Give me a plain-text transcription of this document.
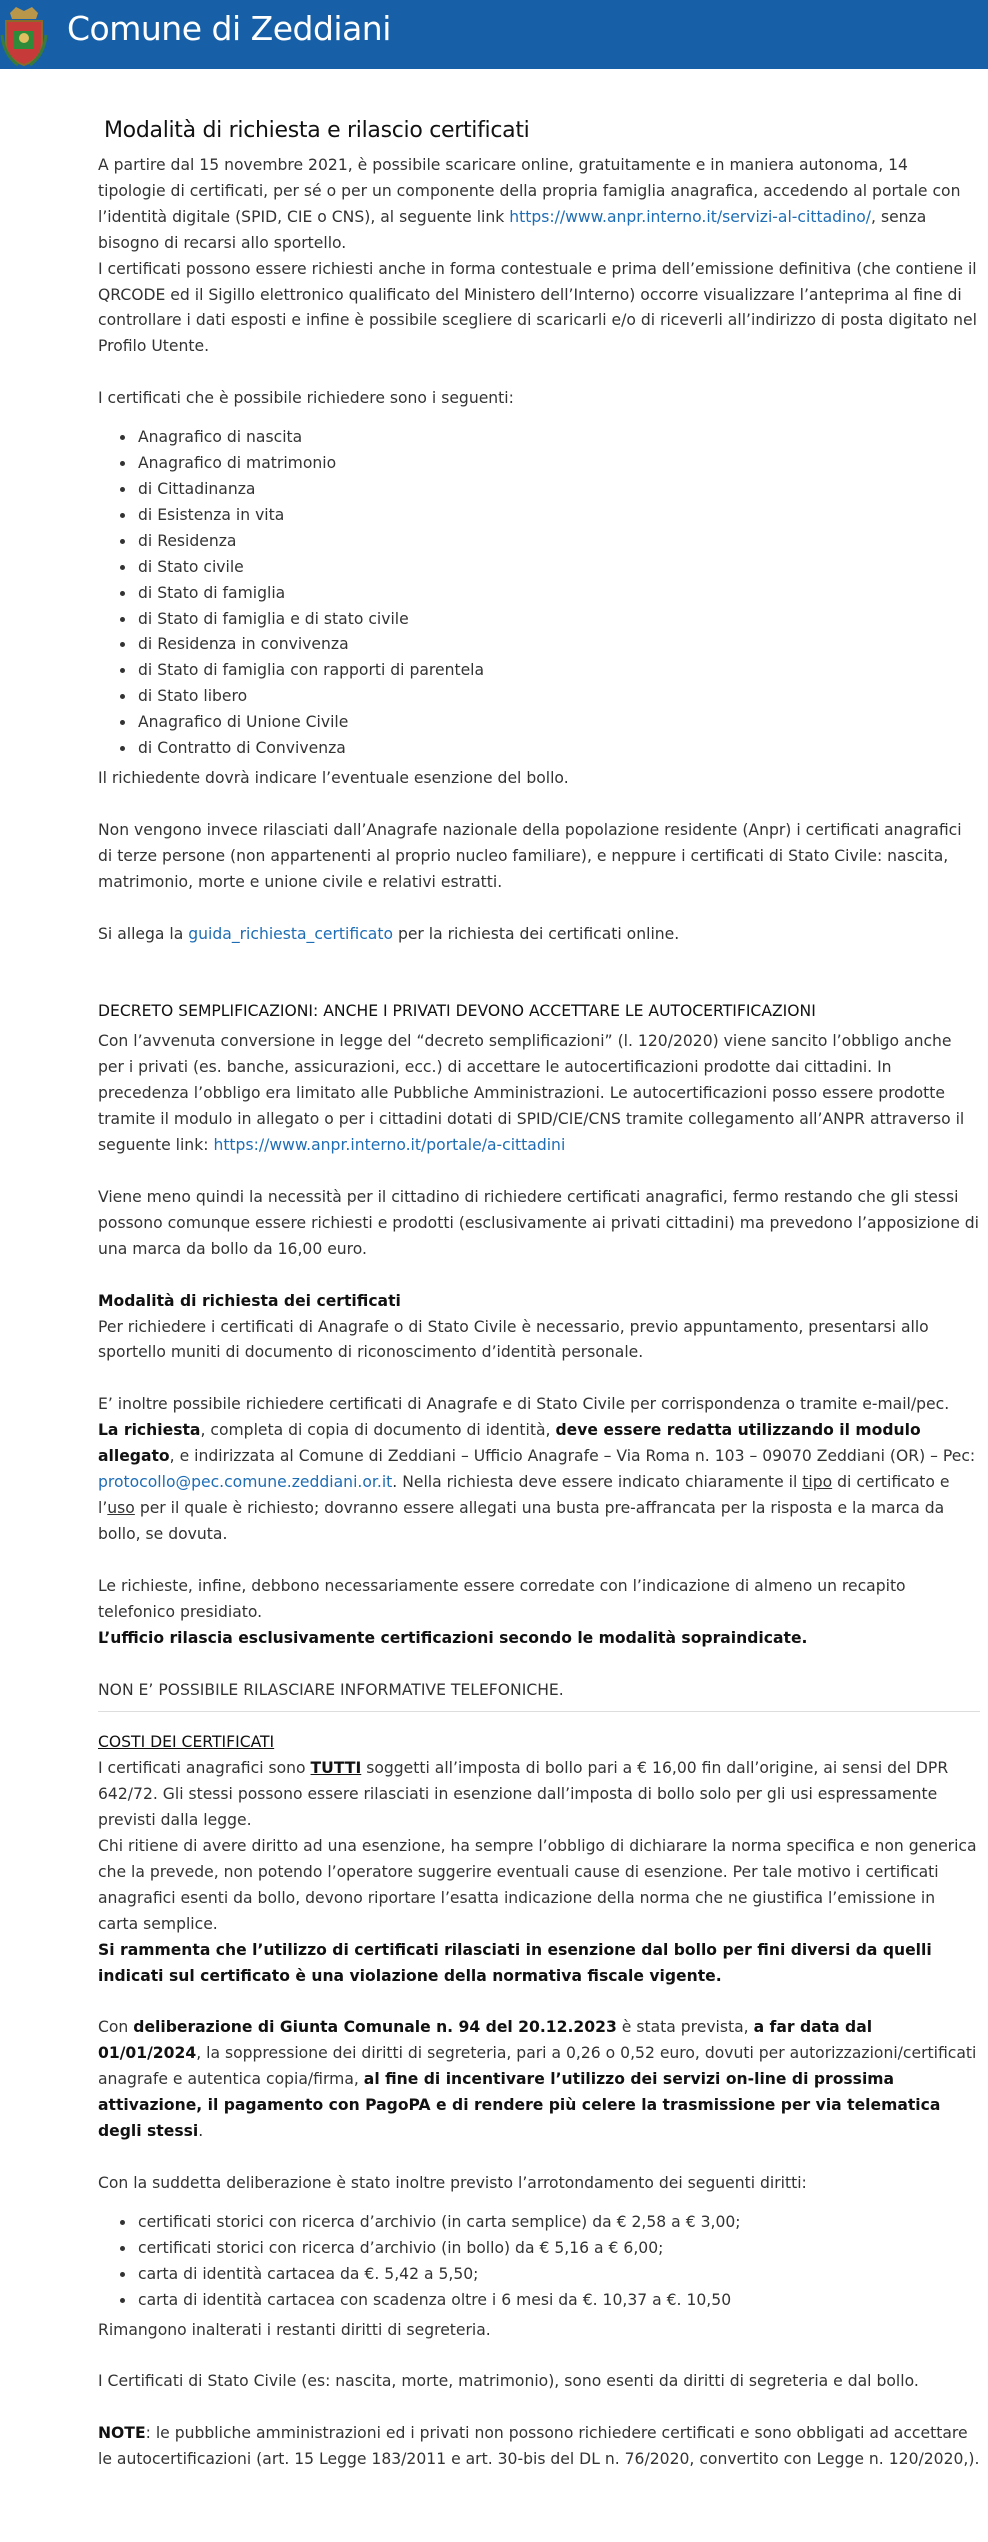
Comune di Zeddiani
Modalità di richiesta e rilascio certificati

A partire dal 15 novembre 2021, è possibile scaricare online, gratuitamente e in maniera autonoma, 14 tipologie di certificati, per sé o per un componente della propria famiglia anagrafica, accedendo al portale con l’identità digitale (SPID, CIE o CNS), al seguente link https://www.anpr.interno.it/servizi-al-cittadino/, senza bisogno di recarsi allo sportello.

I certificati possono essere richiesti anche in forma contestuale e prima dell’emissione definitiva (che contiene il QRCODE ed il Sigillo elettronico qualificato del Ministero dell’Interno) occorre visualizzare l’anteprima al fine di controllare i dati esposti e infine è possibile scegliere di scaricarli e/o di riceverli all’indirizzo di posta digitato nel Profilo Utente.

I certificati che è possibile richiedere sono i seguenti:

• Anagrafico di nascita
• Anagrafico di matrimonio
• di Cittadinanza
• di Esistenza in vita
• di Residenza
• di Stato civile
• di Stato di famiglia
• di Stato di famiglia e di stato civile
• di Residenza in convivenza
• di Stato di famiglia con rapporti di parentela
• di Stato libero
• Anagrafico di Unione Civile
• di Contratto di Convivenza

Il richiedente dovrà indicare l’eventuale esenzione del bollo.

Non vengono invece rilasciati dall’Anagrafe nazionale della popolazione residente (Anpr) i certificati anagrafici di terze persone (non appartenenti al proprio nucleo familiare), e neppure i certificati di Stato Civile: nascita, matrimonio, morte e unione civile e relativi estratti.

Si allega la guida_richiesta_certificato per la richiesta dei certificati online.

DECRETO SEMPLIFICAZIONI: ANCHE I PRIVATI DEVONO ACCETTARE LE AUTOCERTIFICAZIONI

Con l’avvenuta conversione in legge del “decreto semplificazioni” (l. 120/2020) viene sancito l’obbligo anche per i privati (es. banche, assicurazioni, ecc.) di accettare le autocertificazioni prodotte dai cittadini. In precedenza l’obbligo era limitato alle Pubbliche Amministrazioni. Le autocertificazioni posso essere prodotte tramite il modulo in allegato o per i cittadini dotati di SPID/CIE/CNS tramite collegamento all’ANPR attraverso il seguente link: https://www.anpr.interno.it/portale/a-cittadini

Viene meno quindi la necessità per il cittadino di richiedere certificati anagrafici, fermo restando che gli stessi possono comunque essere richiesti e prodotti (esclusivamente ai privati cittadini) ma prevedono l’apposizione di una marca da bollo da 16,00 euro.

Modalità di richiesta dei certificati

Per richiedere i certificati di Anagrafe o di Stato Civile è necessario, previo appuntamento, presentarsi allo sportello muniti di documento di riconoscimento d’identità personale.

E’ inoltre possibile richiedere certificati di Anagrafe e di Stato Civile per corrispondenza o tramite e-mail/pec.

La richiesta, completa di copia di documento di identità, deve essere redatta utilizzando il modulo allegato, e indirizzata al Comune di Zeddiani – Ufficio Anagrafe – Via Roma n. 103 – 09070 Zeddiani (OR) – Pec: protocollo@pec.comune.zeddiani.or.it. Nella richiesta deve essere indicato chiaramente il tipo di certificato e l’uso per il quale è richiesto; dovranno essere allegati una busta pre-affrancata per la risposta e la marca da bollo, se dovuta.

Le richieste, infine, debbono necessariamente essere corredate con l’indicazione di almeno un recapito telefonico presidiato.

L’ufficio rilascia esclusivamente certificazioni secondo le modalità sopraindicate.

NON E’ POSSIBILE RILASCIARE INFORMATIVE TELEFONICHE.

COSTI DEI CERTIFICATI

I certificati anagrafici sono TUTTI soggetti all’imposta di bollo pari a € 16,00 fin dall’origine, ai sensi del DPR 642/72. Gli stessi possono essere rilasciati in esenzione dall’imposta di bollo solo per gli usi espressamente previsti dalla legge.

Chi ritiene di avere diritto ad una esenzione, ha sempre l’obbligo di dichiarare la norma specifica e non generica che la prevede, non potendo l’operatore suggerire eventuali cause di esenzione. Per tale motivo i certificati anagrafici esenti da bollo, devono riportare l’esatta indicazione della norma che ne giustifica l’emissione in carta semplice.

Si rammenta che l’utilizzo di certificati rilasciati in esenzione dal bollo per fini diversi da quelli indicati sul certificato è una violazione della normativa fiscale vigente.

Con deliberazione di Giunta Comunale n. 94 del 20.12.2023 è stata prevista, a far data dal 01/01/2024, la soppressione dei diritti di segreteria, pari a 0,26 o 0,52 euro, dovuti per autorizzazioni/certificati anagrafe e autentica copia/firma, al fine di incentivare l’utilizzo dei servizi on-line di prossima attivazione, il pagamento con PagoPA e di rendere più celere la trasmissione per via telematica degli stessi.

Con la suddetta deliberazione è stato inoltre previsto l’arrotondamento dei seguenti diritti:

• certificati storici con ricerca d’archivio (in carta semplice) da € 2,58 a € 3,00;
• certificati storici con ricerca d’archivio (in bollo) da € 5,16 a € 6,00;
• carta di identità cartacea da €. 5,42 a 5,50;
• carta di identità cartacea con scadenza oltre i 6 mesi da €. 10,37 a €. 10,50

Rimangono inalterati i restanti diritti di segreteria.

I Certificati di Stato Civile (es: nascita, morte, matrimonio), sono esenti da diritti di segreteria e dal bollo.

NOTE: le pubbliche amministrazioni ed i privati non possono richiedere certificati e sono obbligati ad accettare le autocertificazioni (art. 15 Legge 183/2011 e art. 30-bis del DL n. 76/2020, convertito con Legge n. 120/2020,).
